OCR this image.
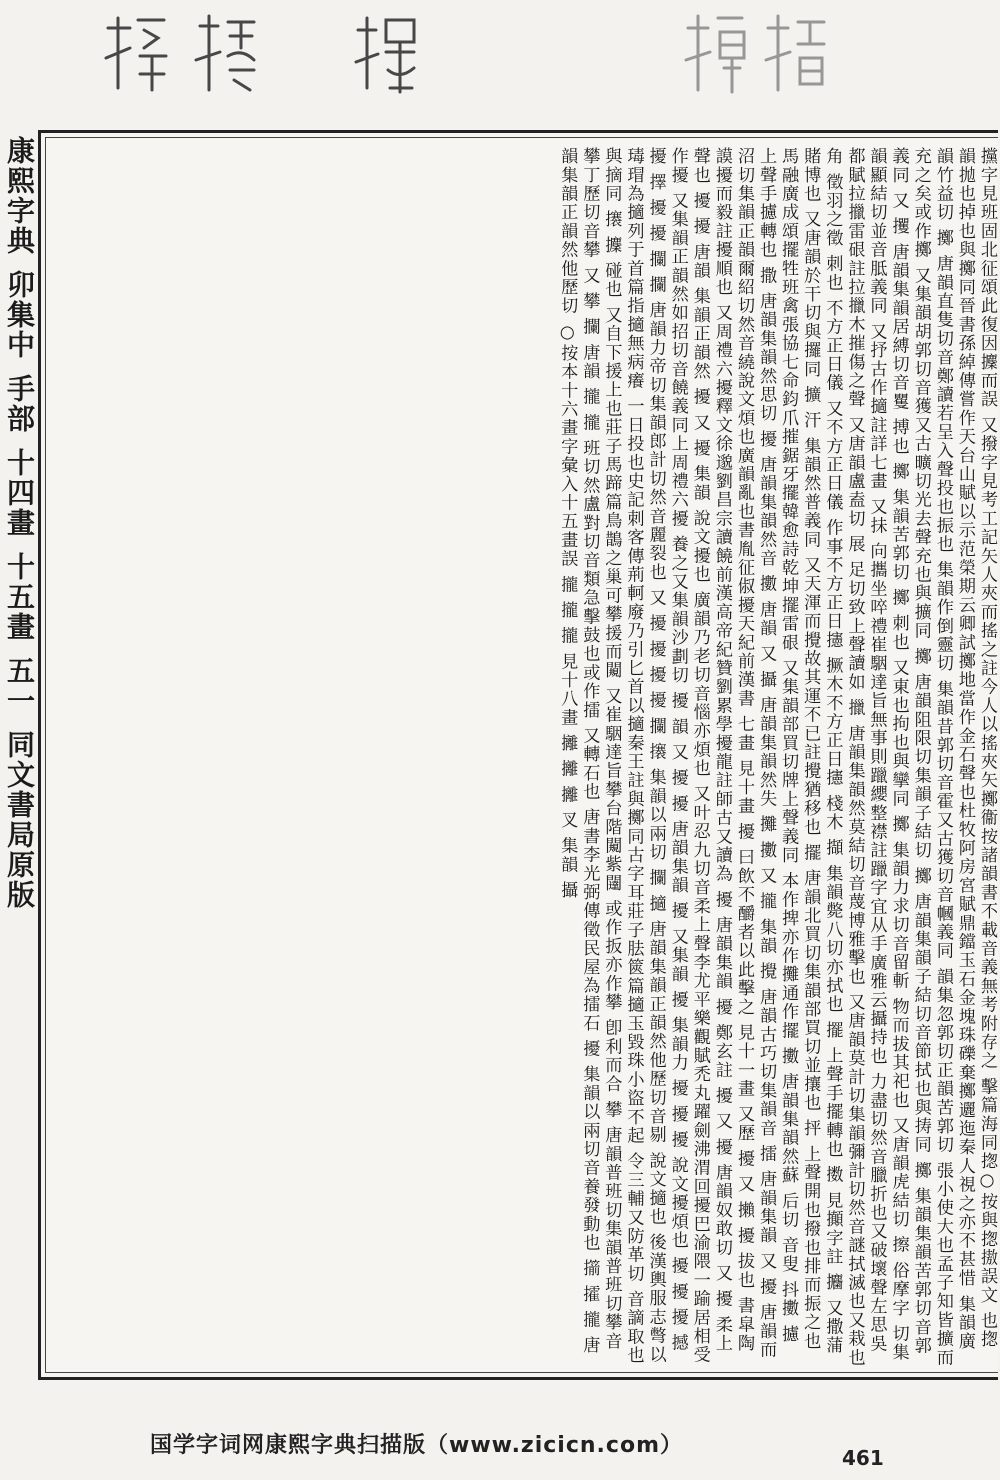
康熙字典
卯集中
手部
十四畫
十五畫
五一
同文書局原版	攩字見班固北征頌此復因攈而誤 又撥字見考工記矢人夾而搖之註今人以搖夾矢擲衞按諸韻書不載音義無考附存之 擊篇海同揔○按與揔𢳆誤文 也揔韻拋也掉也與擲同晉書孫綽傳嘗作天台山賦以示范榮期云卿試擲地當作金石聲也杜牧阿房宮賦鼎鐺玉石金塊珠礫棄擲邐迤秦人視之亦不甚惜 集韻廣韻竹益切 擲 唐韻直隻切音鄭讀若呈入聲投也振也 集韻作倒靈切 集韻昔郭切音霍又古獲切音幗義同 韻集忽郭切正韻苦郭切 張小使大也孟子知皆擴而充之矣或作擲 又集韻胡郭切音獲又古曠切光去聲充也與擴同 擲 唐韻阻限切集韻子結切 擲 唐韻集韻子結切音節拭也與𢭏同 擲 集韻集韻苦郭切音郭義同 又 攫 唐韻集韻居縛切音矍 搏也 擲 集韻苦郭切 擲 刺也 又東也拘也與攣同 擲 集韻力求切音留斬 物而拔其祀也 又唐韻虎結切 擦 俗摩字 切集韻顯結切並音胝義同 又抒古作擿註詳七畫 又抺 向攜坐啐禮崔駰達旨無事則躐纓整襟註躐字宜从手廣雅云攝持也 力盡切然音臘折也又破壞聲左思吳都賦拉擸雷硍註拉擸木摧傷之聲 又唐韻盧盍切 展 足切致上聲讀如 擸 唐韻集韻然莫結切音蔑博雅擊也 又唐韻莫計切集韻彌計切然音謎拭滅也又栽也 角 徵羽之徵 刺也 不方正日儀 又不方正日儀 作事不方正日攇 撅木不方正日攇 棧木 擷 集韻斃八切亦拭也 擺 上聲手擺轉也 擞 見攧字註 攟 又撒蒲賭博也 又唐韻於干切與攞同 擴 汗 集韻然普義同 又天渾而攪故其運不已註攪猶移也 擺 唐韻北買切集韻部買切並攘也 抨 上聲開也撥也排而振之也馬融廣成頌擺牲班禽張協七命鈞爪摧鋸牙擺韓愈詩乾坤擺雷硍 又集韻部買切牌上聲義同 本作捭亦作攤通作擺 擻 唐韻集韻然蘇 后切 音叟 抖擻 攄 上聲手攄轉也 撒 唐韻集韻然思切 擾 唐韻集韻然音 擻 唐韻 又 攝 唐韻集韻然失 攤 擻 又 攏 集韻 攪 唐韻古巧切集韻音 擂 唐韻集韻 又 擾 唐韻而沼切集韻正韻爾紹切然音繞說文煩也廣韻亂也書胤征俶擾天紀前漢書 七畫 見十畫 擾 曰飲不釂者以此擊之 見十一畫 又歷 擾 又 攋 擾 拔也 書皐陶謨擾而毅註擾順也 又周禮六擾釋文徐邈劉昌宗讀饒前漢高帝紀贊劉累學擾龍註師古又讀為 擾 唐韻集韻 擾 鄭玄註 擾 又 擾 唐韻奴敢切 又 擾 柔上聲也 擾 擾 唐韻 集韻正韻然 擾 又 擾 集韻 說文擾也 廣韻乃老切音惱亦煩也 又叶忍九切音柔上聲李尤平樂觀賦禿丸躍劍沸渭回擾巴渝隈一踰居相受 作擾 又集韻正韻然如招切音饒義同上周禮六擾 養之又集韻沙劃切 擾 韻 又 擾 擾 唐韻集韻 擾 又集韻 擾 集韻力 擾 擾 擾 說文擾煩也 擾 擾 擾 撼 擾 擇 擾 擾 攔 攔 唐韻力帝切集韻郎計切然音麗裂也 又 擾 擾 擾 擾 攔 攐 集韻以兩切 攔 擿 唐韻集韻正韻然他歷切音剔 說文擿也 後漢輿服志彆以瑇瑁為擿列于首篇指擿無病癢 一日投也史記刺客傳荊軻廢乃引匕首以擿秦王註與擲同古字耳莊子胠篋篇擿玉毀珠小盜不起 令三輔又防革切 音謫取也與摘同 攐 攈 碰也 又自下援上也莊子馬蹄篇鳥鵲之巢可攀援而闚 又崔駰達旨攀台階闚紫闥 或作扳亦作攀 卽利而合 攀 唐韻普班切集韻普班切攀音攀丁歷切音攀 又 攀 攔 唐韻 攏 攏 班切然盧對切音類急擊鼓也或作擂 又轉石也 唐書李光弼傳徵民屋為擂石 擾 集韻以兩切音養發動也 擶 攉 攏 唐韻集韻正韻然他歷切 ○按本十六畫字彙入十五畫誤 攏 攏 攏 見十八畫 攡 攡 攡 叉 集韻 攝
国学字词网康熙字典扫描版（www.zicicn.com）	461
